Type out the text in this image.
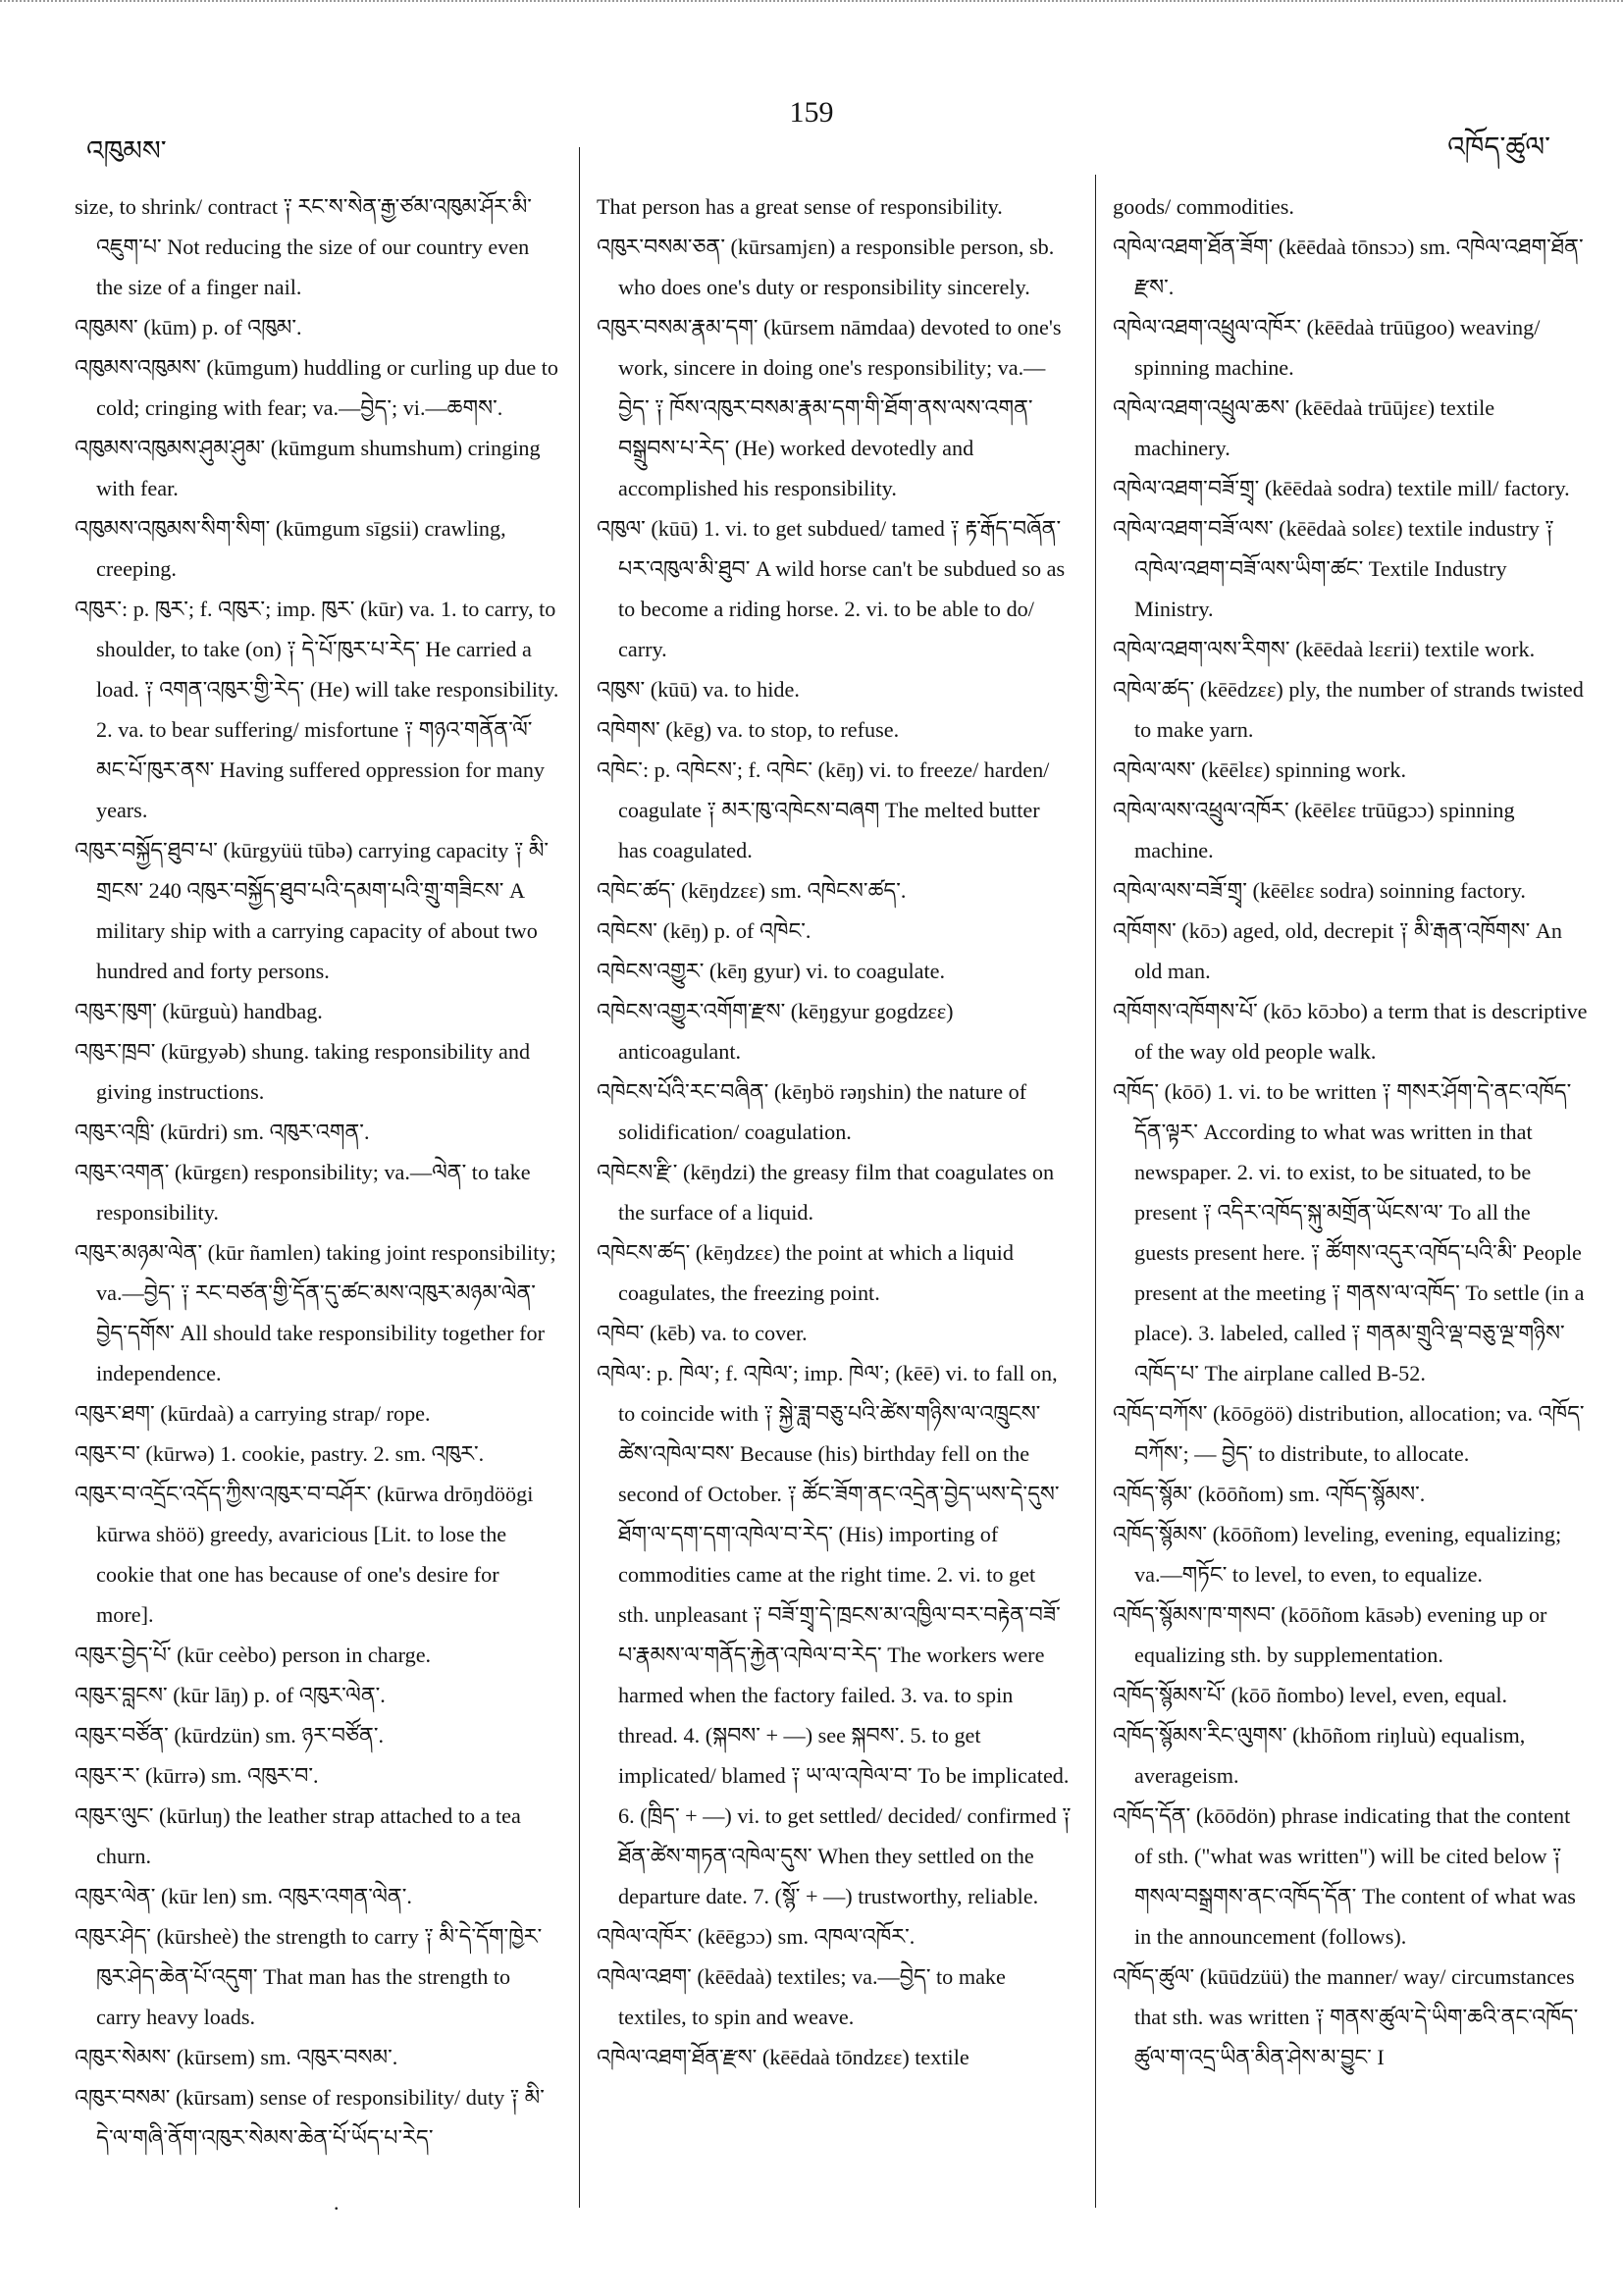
འཁུམས་
159
འཁོད་ཚུལ་

size, to shrink/ contract ༑ རང་ས་སེན་རྒྱ་ཙམ་འཁུམ་ཤོར་མི་འཇུག་པ་ Not reducing the size of our country even the size of a finger nail.

འཁུམས་ (kūm) p. of འཁུམ་.

འཁུམས་འཁུམས་ (kūmgum) huddling or curling up due to cold; cringing with fear; va.—བྱེད་; vi.—ཆགས་.

འཁུམས་འཁུམས་ཤུམ་ཤུམ་ (kūmgum shumshum) cringing with fear.

འཁུམས་འཁུམས་སིག་སིག་ (kūmgum sīgsii) crawling, creeping.

འཁུར་: p. ཁུར་; f. འཁུར་; imp. ཁུར་ (kūr) va. 1. to carry, to shoulder, to take (on) ༑ དེ་པོ་ཁུར་པ་རེད་ He carried a load. ༑ འགན་འཁུར་གྱི་རེད་ (He) will take responsibility. 2. va. to bear suffering/ misfortune ༑ གཉའ་གནོན་ལོ་མང་པོ་ཁུར་ནས་ Having suffered oppression for many years.

འཁུར་བསྐྱོད་ཐུབ་པ་ (kūrgyüü tūbə) carrying capacity ༑ མི་གྲངས་ 240 འཁུར་བསྐྱོད་ཐུབ་པའི་དམག་པའི་གྲུ་གཟིངས་ A military ship with a carrying capacity of about two hundred and forty persons.

འཁུར་ཁུག་ (kūrguù) handbag.

འཁུར་ཁྲབ་ (kūrgyəb) shung. taking responsibility and giving instructions.

འཁུར་འཁྲི་ (kūrdri) sm. འཁུར་འགན་.

འཁུར་འགན་ (kūrgɛn) responsibility; va.—ལེན་ to take responsibility.

འཁུར་མཉམ་ལེན་ (kūr ñamlen) taking joint responsibility; va.—བྱེད་ ༑ རང་བཙན་གྱི་དོན་དུ་ཚང་མས་འཁུར་མཉམ་ལེན་བྱེད་དགོས་ All should take responsibility together for independence.

འཁུར་ཐག་ (kūrdaà) a carrying strap/ rope.

འཁུར་བ་ (kūrwə) 1. cookie, pastry. 2. sm. འཁུར་.

འཁུར་བ་འདྲོང་འདོད་ཀྱིས་འཁུར་བ་བཤོར་ (kūrwa drōŋdöögi kūrwa shöö) greedy, avaricious [Lit. to lose the cookie that one has because of one's desire for more].

འཁུར་བྱེད་པོ་ (kūr ceèbo) person in charge.

འཁུར་བླངས་ (kūr lāŋ) p. of འཁུར་ལེན་.

འཁུར་བཙོན་ (kūrdzün) sm. ཉར་བཙོན་.

འཁུར་ར་ (kūrrə) sm. འཁུར་བ་.

འཁུར་ལུང་ (kūrluŋ) the leather strap attached to a tea churn.

འཁུར་ལེན་ (kūr len) sm. འཁུར་འགན་ལེན་.

འཁུར་ཤེད་ (kūrsheè) the strength to carry ༑ མི་དེ་དོག་ཁྱེར་ཁུར་ཤེད་ཆེན་པོ་འདུག་ That man has the strength to carry heavy loads.

འཁུར་སེམས་ (kūrsem) sm. འཁུར་བསམ་.

འཁུར་བསམ་ (kūrsam) sense of responsibility/ duty ༑ མི་དེ་ལ་གཞི་ནོག་འཁུར་སེམས་ཆེན་པོ་ཡོད་པ་རེད་

That person has a great sense of responsibility.

འཁུར་བསམ་ཅན་ (kūrsamjɛn) a responsible person, sb. who does one's duty or responsibility sincerely.

འཁུར་བསམ་རྣམ་དག་ (kūrsem nāmdaa) devoted to one's work, sincere in doing one's responsibility; va.—བྱེད་ ༑ ཁོས་འཁུར་བསམ་རྣམ་དག་གི་ཐོག་ནས་ལས་འགན་བསྒྲུབས་པ་རེད་ (He) worked devotedly and accomplished his responsibility.

འཁུལ་ (kūū) 1. vi. to get subdued/ tamed ༑ རྟ་རྒོད་བཞོན་པར་འཁུལ་མི་ཐུབ་ A wild horse can't be subdued so as to become a riding horse. 2. vi. to be able to do/ carry.

འཁུས་ (kūū) va. to hide.

འཁེགས་ (kēg) va. to stop, to refuse.

འཁེང་: p. འཁེངས་; f. འཁེང་ (kēŋ) vi. to freeze/ harden/ coagulate ༑ མར་ཁུ་འཁེངས་བཞག The melted butter has coagulated.

འཁེང་ཚད་ (kēŋdzɛɛ) sm. འཁེངས་ཚད་.

འཁེངས་ (kēŋ) p. of འཁེང་.

འཁེངས་འགྱུར་ (kēŋ gyur) vi. to coagulate.

འཁེངས་འགྱུར་འགོག་རྫས་ (kēŋgyur gogdzɛɛ) anticoagulant.

འཁེངས་པོའི་རང་བཞིན་ (kēŋbö rəŋshin) the nature of solidification/ coagulation.

འཁེངས་རྫི་ (kēŋdzi) the greasy film that coagulates on the surface of a liquid.

འཁེངས་ཚད་ (kēŋdzɛɛ) the point at which a liquid coagulates, the freezing point.

འཁེབ་ (kēb) va. to cover.

འཁེལ་: p. ཁེལ་; f. འཁེལ་; imp. ཁེལ་; (kēē) vi. to fall on, to coincide with ༑ སྐྱེ་ཟླ་བཅུ་པའི་ཚེས་གཉིས་ལ་འཁྲུངས་ཚེས་འཁེལ་བས་ Because (his) birthday fell on the second of October. ༑ ཚོང་ཟོག་ནང་འདྲེན་བྱེད་ཡས་དེ་དུས་ཐོག་ལ་དག་དག་འཁེལ་བ་རེད་ (His) importing of commodities came at the right time. 2. vi. to get sth. unpleasant ༑ བཟོ་གྲྭ་དེ་ཁྲངས་མ་འཁྱིལ་བར་བརྟེན་བཟོ་པ་རྣམས་ལ་གནོད་རྐྱེན་འཁེལ་བ་རེད་ The workers were harmed when the factory failed. 3. va. to spin thread. 4. (སྐབས་ + —) see སྐབས་. 5. to get implicated/ blamed ༑ ཡ་ལ་འཁེལ་བ་ To be implicated. 6. (ཁྲིད་ + —) vi. to get settled/ decided/ confirmed ༑ ཐོན་ཚེས་གཏན་འཁེལ་དུས་ When they settled on the departure date. 7. (སྙོ་ + —) trustworthy, reliable.

འཁེལ་འཁོར་ (kēēgɔɔ) sm. འཁལ་འཁོར་.

འཁེལ་འཐག་ (kēēdaà) textiles; va.—བྱེད་ to make textiles, to spin and weave.

འཁེལ་འཐག་ཐོན་རྫས་ (kēēdaà tōndzɛɛ) textile

goods/ commodities.

འཁེལ་འཐག་ཐོན་ཟོག་ (kēēdaà tōnsɔɔ) sm. འཁེལ་འཐག་ཐོན་རྫས་.

འཁེལ་འཐག་འཕྲུལ་འཁོར་ (kēēdaà trūūgoo) weaving/ spinning machine.

འཁེལ་འཐག་འཕྲུལ་ཆས་ (kēēdaà trūūjɛɛ) textile machinery.

འཁེལ་འཐག་བཟོ་གྲྭ་ (kēēdaà sodra) textile mill/ factory.

འཁེལ་འཐག་བཟོ་ལས་ (kēēdaà solɛɛ) textile industry ༑ འཁེལ་འཐག་བཟོ་ལས་ཡིག་ཚང་ Textile Industry Ministry.

འཁེལ་འཐག་ལས་རིགས་ (kēēdaà lɛɛrii) textile work.

འཁེལ་ཚད་ (kēēdzɛɛ) ply, the number of strands twisted to make yarn.

འཁེལ་ལས་ (kēēlɛɛ) spinning work.

འཁེལ་ལས་འཕྲུལ་འཁོར་ (kēēlɛɛ trūūgɔɔ) spinning machine.

འཁེལ་ལས་བཟོ་གྲྭ་ (kēēlɛɛ sodra) soinning factory.

འཁོགས་ (kōɔ) aged, old, decrepit ༑ མི་རྒན་འཁོགས་ An old man.

འཁོགས་འཁོགས་པོ་ (kōɔ kōɔbo) a term that is descriptive of the way old people walk.

འཁོད་ (kōō) 1. vi. to be written ༑ གསར་ཤོག་དེ་ནང་འཁོད་དོན་ལྟར་ According to what was written in that newspaper. 2. vi. to exist, to be situated, to be present ༑ འདིར་འཁོད་སྐུ་མགྲོན་ཡོངས་ལ་ To all the guests present here. ༑ ཚོགས་འདུར་འཁོད་པའི་མི་ People present at the meeting ༑ གནས་ལ་འཁོད་ To settle (in a place). 3. labeled, called ༑ གནམ་གྲུའི་ལྡ་བཅུ་ལྔ་གཉིས་འཁོད་པ་ The airplane called B-52.

འཁོད་བཀོས་ (kōōgöö) distribution, allocation; va. འཁོད་བཀོས་; — བྱེད་ to distribute, to allocate.

འཁོད་སྙོམ་ (kōōñom) sm. འཁོད་སྙོམས་.

འཁོད་སྙོམས་ (kōōñom) leveling, evening, equalizing; va.—གཏོང་ to level, to even, to equalize.

འཁོད་སྙོམས་ཁ་གསབ་ (kōōñom kāsəb) evening up or equalizing sth. by supplementation.

འཁོད་སྙོམས་པོ་ (kōō ñombo) level, even, equal.

འཁོད་སྙོམས་རིང་ལུགས་ (khōñom riŋluù) equalism, averageism.

འཁོད་དོན་ (kōōdön) phrase indicating that the content of sth. ("what was written") will be cited below ༑ གསལ་བསྒྲགས་ནང་འཁོད་དོན་ The content of what was in the announcement (follows).

འཁོད་ཚུལ་ (kūūdzüü) the manner/ way/ circumstances that sth. was written ༑ གནས་ཚུལ་དེ་ཡིག་ཆའི་ནང་འཁོད་ཚུལ་ག་འདྲ་ཡིན་མིན་ཤེས་མ་བྱུང་ I

.
